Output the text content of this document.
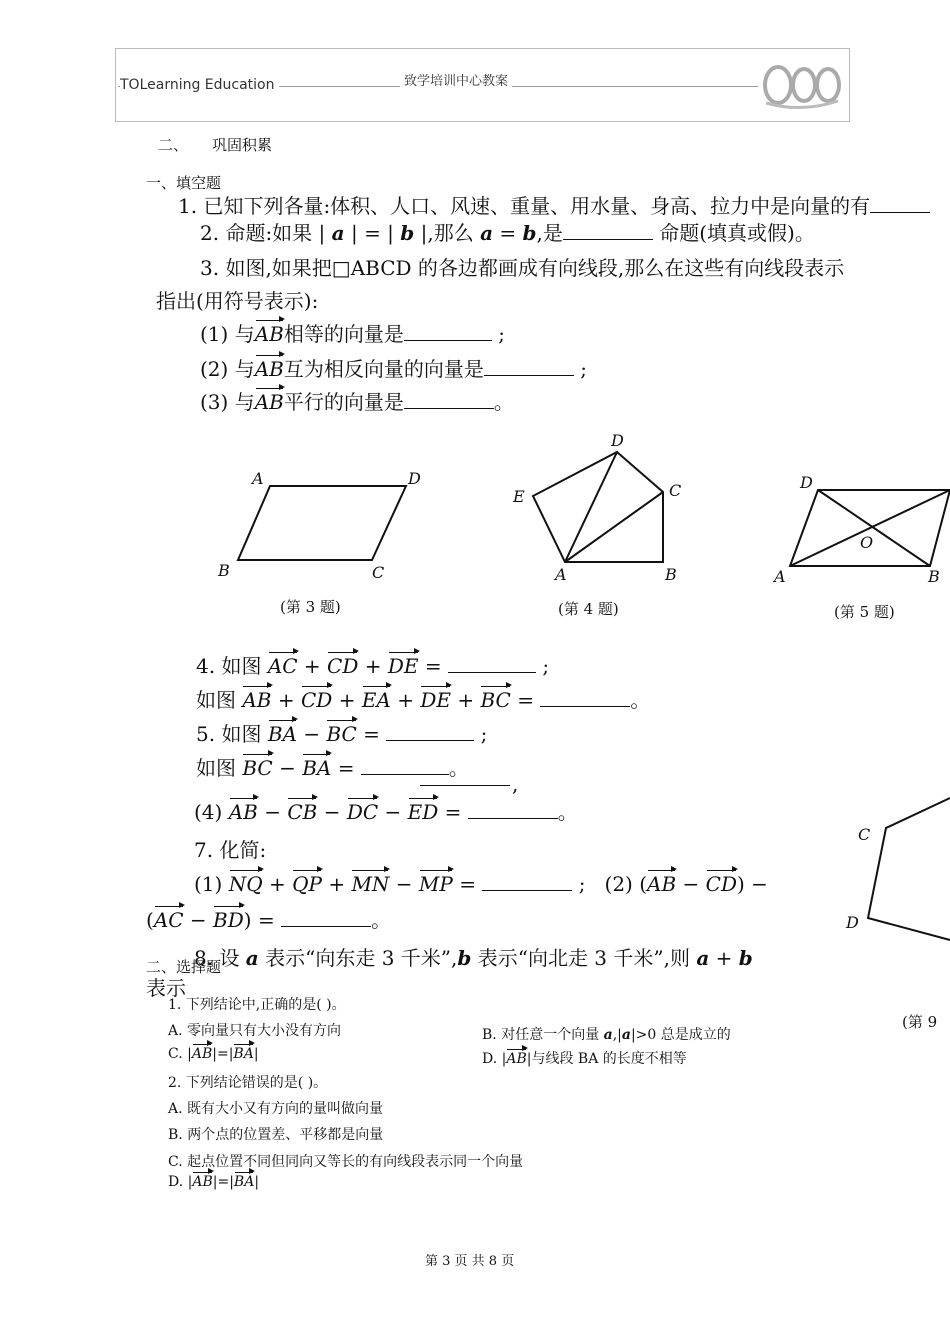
TOLearning Education	致学培训中心教案
二、 巩固积累
一、填空题
1. 已知下列各量:体积、人口、风速、重量、用水量、身高、拉力中是向量的有
2. 命题:如果 | a | = | b |,那么 a = b,是	命题(填真或假)。
3. 如图,如果把□ABCD 的各边都画成有向线段,那么在这些有向线段表示
指出(用符号表示):
(1) 与AB相等的向量是	;
(2) 与AB互为相反向量的向量是	;
(3) 与AB平行的向量是	。
A	D
B	C
(第 3 题)
D
E	C
A	B
(第 4 题)
D
O
A	B
(第 5 题)
4. 如图 AC + CD + DE =	;
如图 AB + CD + EA + DE + BC =	。
5. 如图 BA − BC =	;
如图 BC − BA =	。
,
(4) AB − CB − DC − ED =	。
7. 化简:
(1) NQ + QP + MN − MP =	; (2) (AB − CD) −
(AC − BD) =	。
8. 设 a 表示“向东走 3 千米”,b 表示“向北走 3 千米”,则 a + b
表示
C
D
(第 9
二、选择题
1. 下列结论中,正确的是( )。
A. 零向量只有大小没有方向	B. 对任意一个向量 a,|a|>0 总是成立的
C. |AB|=|BA|	D. |AB|与线段 BA 的长度不相等
2. 下列结论错误的是( )。
A. 既有大小又有方向的量叫做向量
B. 两个点的位置差、平移都是向量
C. 起点位置不同但同向又等长的有向线段表示同一个向量
D. |AB|=|BA|
第 3 页 共 8 页
